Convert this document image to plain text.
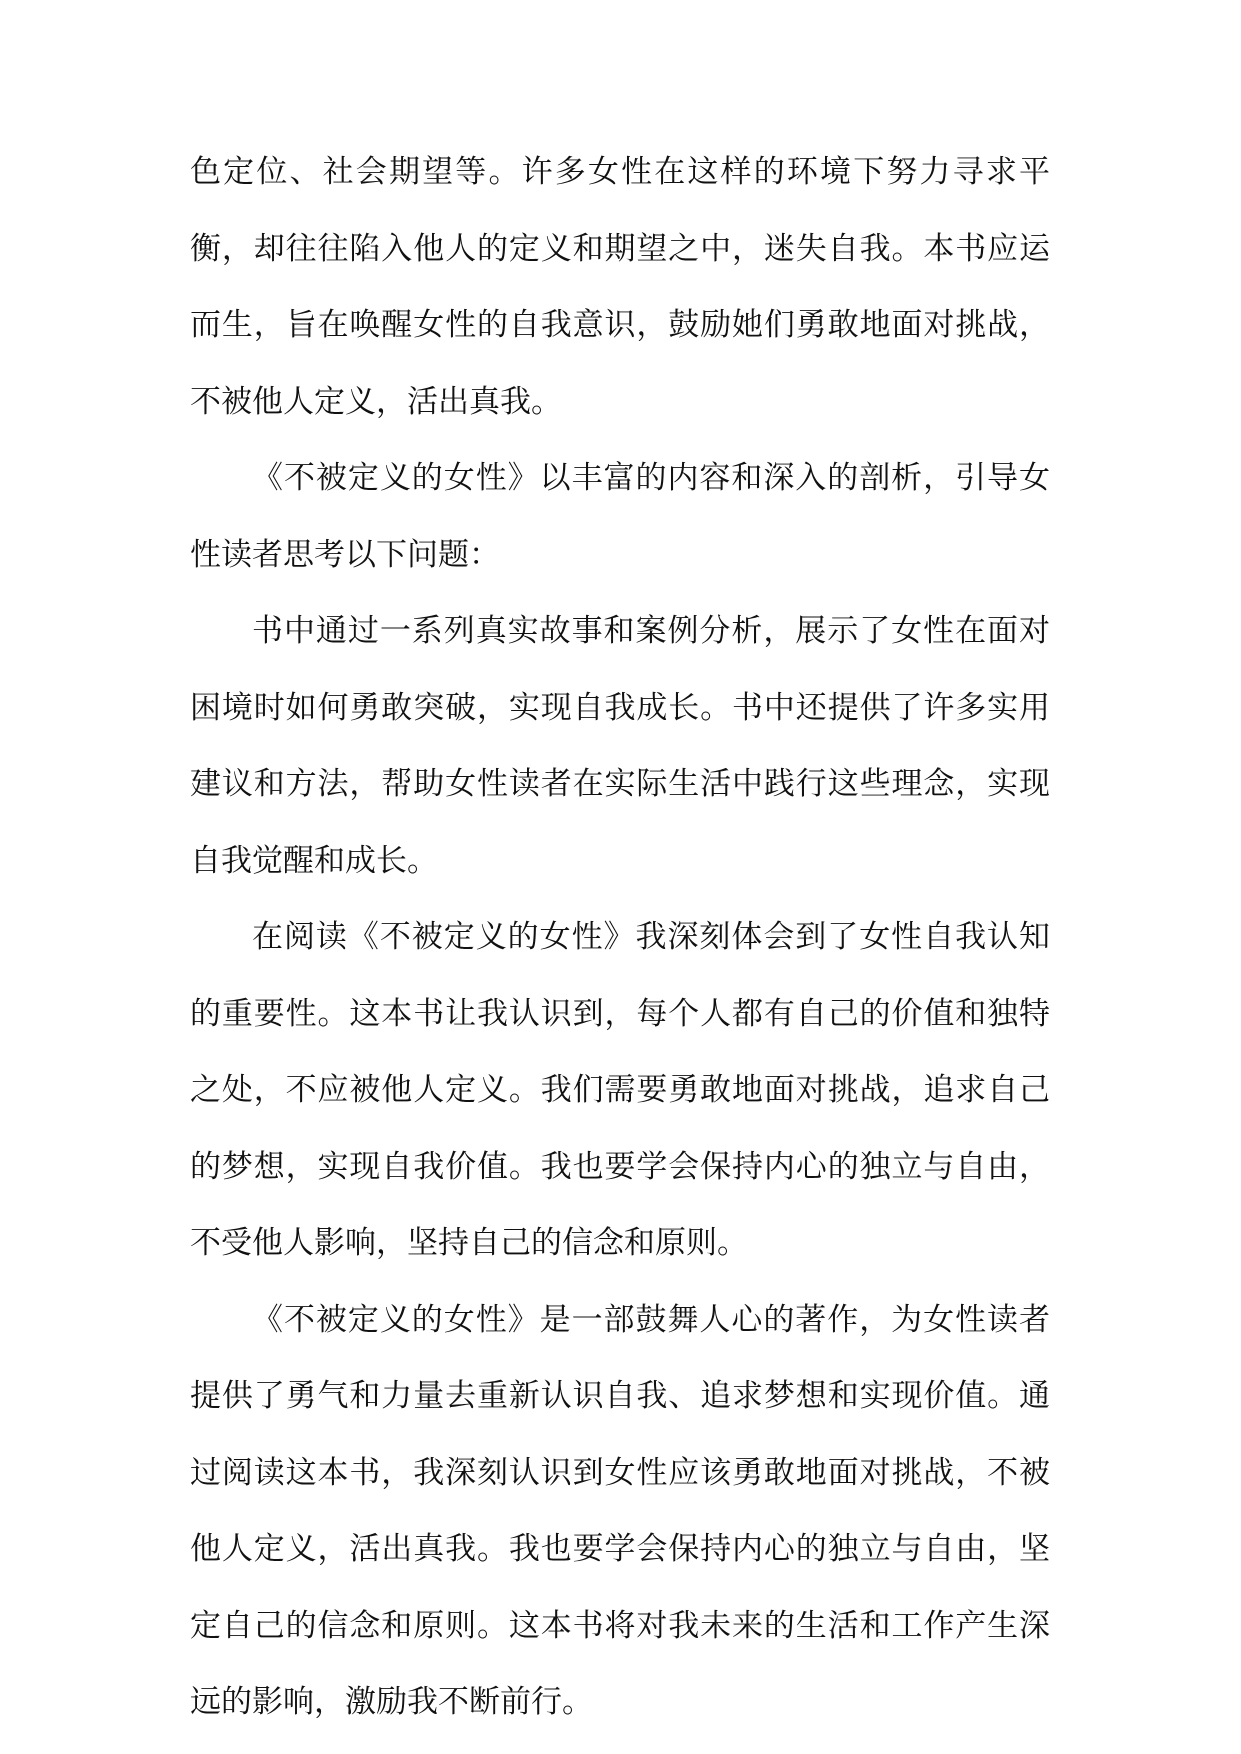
色定位、社会期望等。许多女性在这样的环境下努力寻求平衡，却往往陷入他人的定义和期望之中，迷失自我。本书应运而生，旨在唤醒女性的自我意识，鼓励她们勇敢地面对挑战，不被他人定义，活出真我。

《不被定义的女性》以丰富的内容和深入的剖析，引导女性读者思考以下问题：

书中通过一系列真实故事和案例分析，展示了女性在面对困境时如何勇敢突破，实现自我成长。书中还提供了许多实用建议和方法，帮助女性读者在实际生活中践行这些理念，实现自我觉醒和成长。

在阅读《不被定义的女性》我深刻体会到了女性自我认知的重要性。这本书让我认识到，每个人都有自己的价值和独特之处，不应被他人定义。我们需要勇敢地面对挑战，追求自己的梦想，实现自我价值。我也要学会保持内心的独立与自由，不受他人影响，坚持自己的信念和原则。

《不被定义的女性》是一部鼓舞人心的著作，为女性读者提供了勇气和力量去重新认识自我、追求梦想和实现价值。通过阅读这本书，我深刻认识到女性应该勇敢地面对挑战，不被他人定义，活出真我。我也要学会保持内心的独立与自由，坚定自己的信念和原则。这本书将对我未来的生活和工作产生深远的影响，激励我不断前行。
